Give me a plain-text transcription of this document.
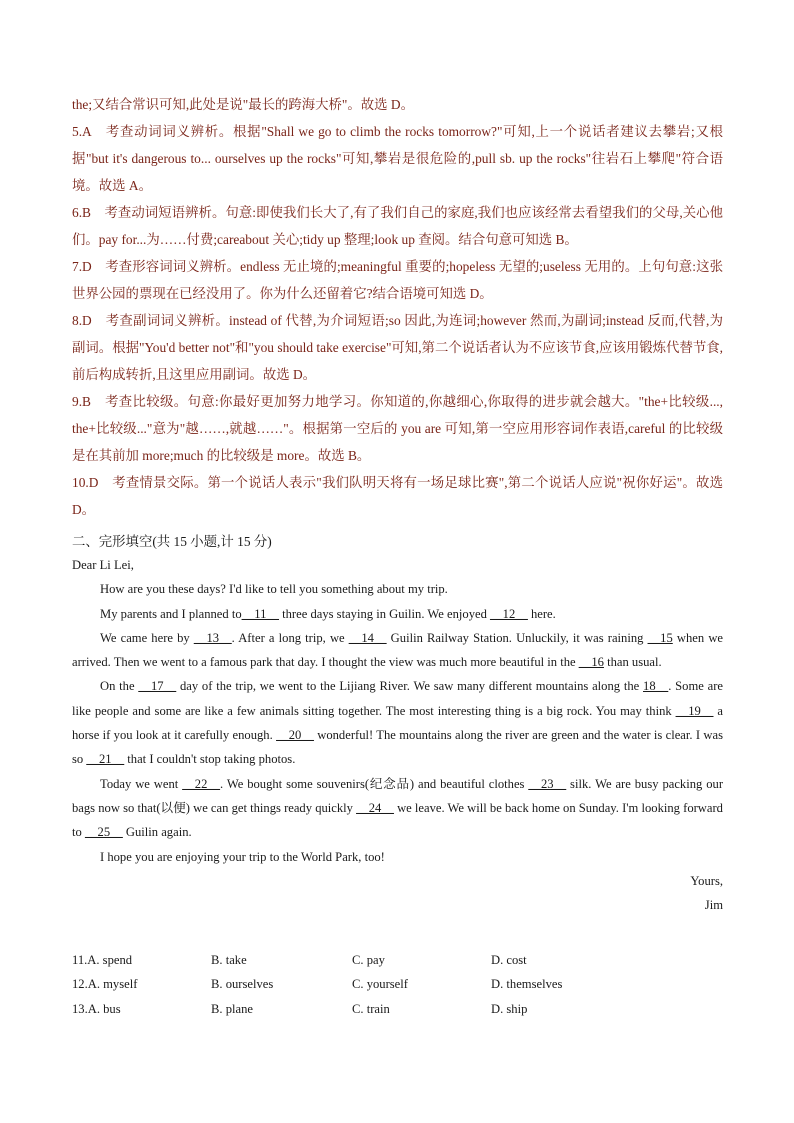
the;又结合常识可知,此处是说"最长的跨海大桥"。故选 D。

5.A　考查动词词义辨析。根据"Shall we go to climb the rocks tomorrow?"可知,上一个说话者建议去攀岩;又根据"but it's dangerous to... ourselves up the rocks"可知,攀岩是很危险的,pull sb. up the rocks"往岩石上攀爬"符合语境。故选 A。

6.B　考查动词短语辨析。句意:即使我们长大了,有了我们自己的家庭,我们也应该经常去看望我们的父母,关心他们。pay for...为……付费;careabout 关心;tidy up 整理;look up 查阅。结合句意可知选 B。

7.D　考查形容词词义辨析。endless 无止境的;meaningful 重要的;hopeless 无望的;useless 无用的。上句句意:这张世界公园的票现在已经没用了。你为什么还留着它?结合语境可知选 D。

8.D　考查副词词义辨析。instead of 代替,为介词短语;so 因此,为连词;however 然而,为副词;instead 反而,代替,为副词。根据"You'd better not"和"you should take exercise"可知,第二个说话者认为不应该节食,应该用锻炼代替节食,前后构成转折,且这里应用副词。故选 D。

9.B　考查比较级。句意:你最好更加努力地学习。你知道的,你越细心,你取得的进步就会越大。"the+比较级..., the+比较级..."意为"越……,就越……"。根据第一空后的 you are 可知,第一空应用形容词作表语,careful 的比较级是在其前加 more;much 的比较级是 more。故选 B。

10.D　考查情景交际。第一个说话人表示"我们队明天将有一场足球比赛",第二个说话人应说"祝你好运"。故选 D。

二、完形填空(共 15 小题,计 15 分)

Dear Li Lei,

How are you these days? I'd like to tell you something about my trip.

My parents and I planned to__11__ three days staying in Guilin. We enjoyed __12__ here.

We came here by __13__. After a long trip, we __14__ Guilin Railway Station. Unluckily, it was raining __15 when we arrived. Then we went to a famous park that day. I thought the view was much more beautiful in the __16 than usual.

On the __17__ day of the trip, we went to the Lijiang River. We saw many different mountains along the 18__. Some are like people and some are like a few animals sitting together. The most interesting thing is a big rock. You may think __19__ a horse if you look at it carefully enough. __20__ wonderful! The mountains along the river are green and the water is clear. I was so __21__ that I couldn't stop taking photos.

Today we went __22__. We bought some souvenirs(纪念品) and beautiful clothes __23__ silk. We are busy packing our bags now so that(以便) we can get things ready quickly __24__ we leave. We will be back home on Sunday. I'm looking forward to __25__ Guilin again.

I hope you are enjoying your trip to the World Park, too!

Yours,

Jim

11.A. spend	B. take	C. pay	D. cost
12.A. myself	B. ourselves	C. yourself	D. themselves
13.A. bus	B. plane	C. train	D. ship
